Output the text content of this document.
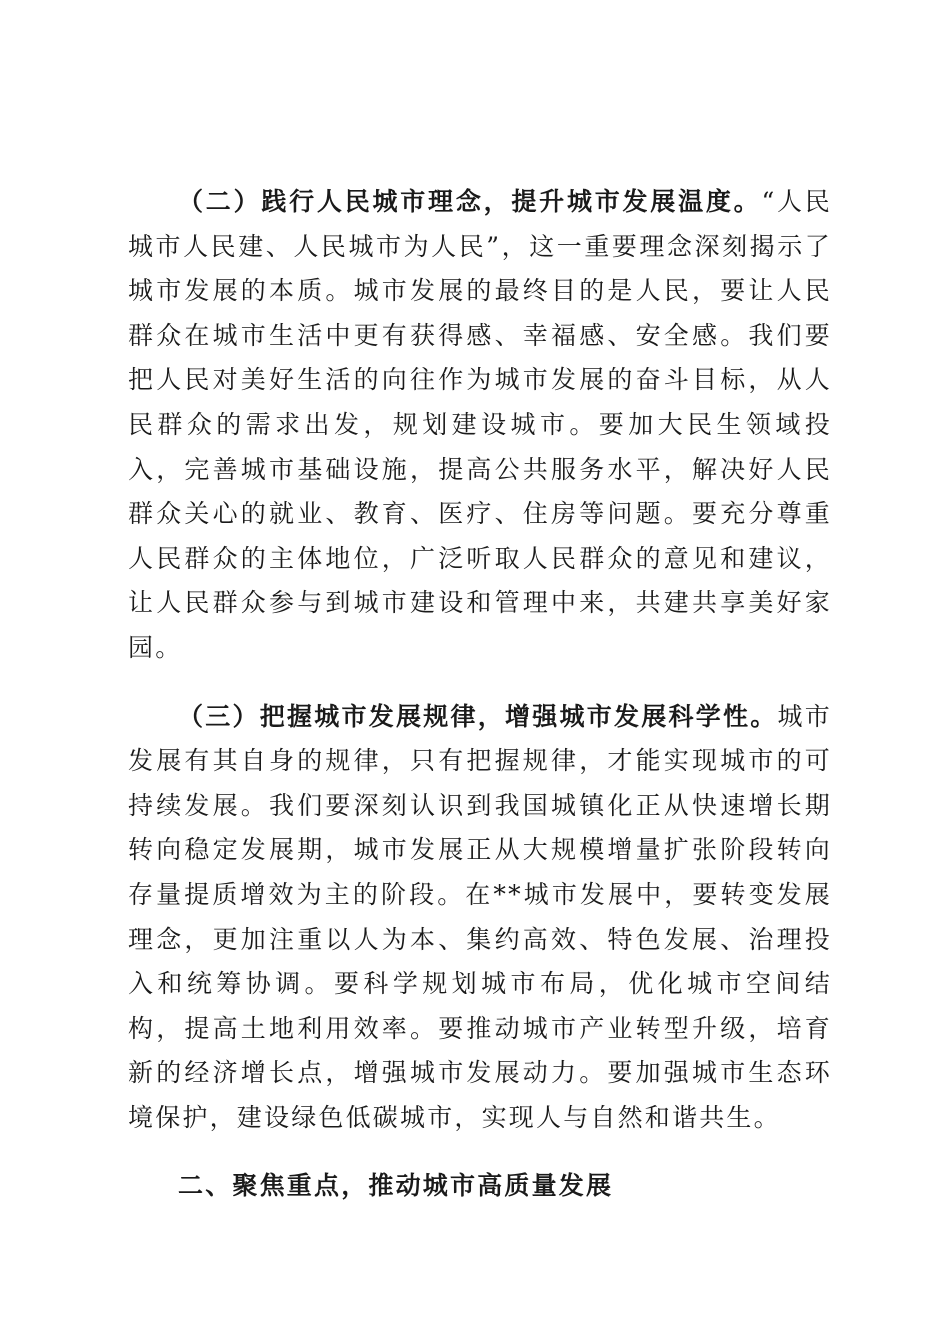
（二）践行人民城市理念，提升城市发展温度。“人民城市人民建、人民城市为人民”，这一重要理念深刻揭示了城市发展的本质。城市发展的最终目的是人民，要让人民群众在城市生活中更有获得感、幸福感、安全感。我们要把人民对美好生活的向往作为城市发展的奋斗目标，从人民群众的需求出发，规划建设城市。要加大民生领域投入，完善城市基础设施，提高公共服务水平，解决好人民群众关心的就业、教育、医疗、住房等问题。要充分尊重人民群众的主体地位，广泛听取人民群众的意见和建议，让人民群众参与到城市建设和管理中来，共建共享美好家园。

（三）把握城市发展规律，增强城市发展科学性。城市发展有其自身的规律，只有把握规律，才能实现城市的可持续发展。我们要深刻认识到我国城镇化正从快速增长期转向稳定发展期，城市发展正从大规模增量扩张阶段转向存量提质增效为主的阶段。在**城市发展中，要转变发展理念，更加注重以人为本、集约高效、特色发展、治理投入和统筹协调。要科学规划城市布局，优化城市空间结构，提高土地利用效率。要推动城市产业转型升级，培育新的经济增长点，增强城市发展动力。要加强城市生态环境保护，建设绿色低碳城市，实现人与自然和谐共生。

二、聚焦重点，推动城市高质量发展
